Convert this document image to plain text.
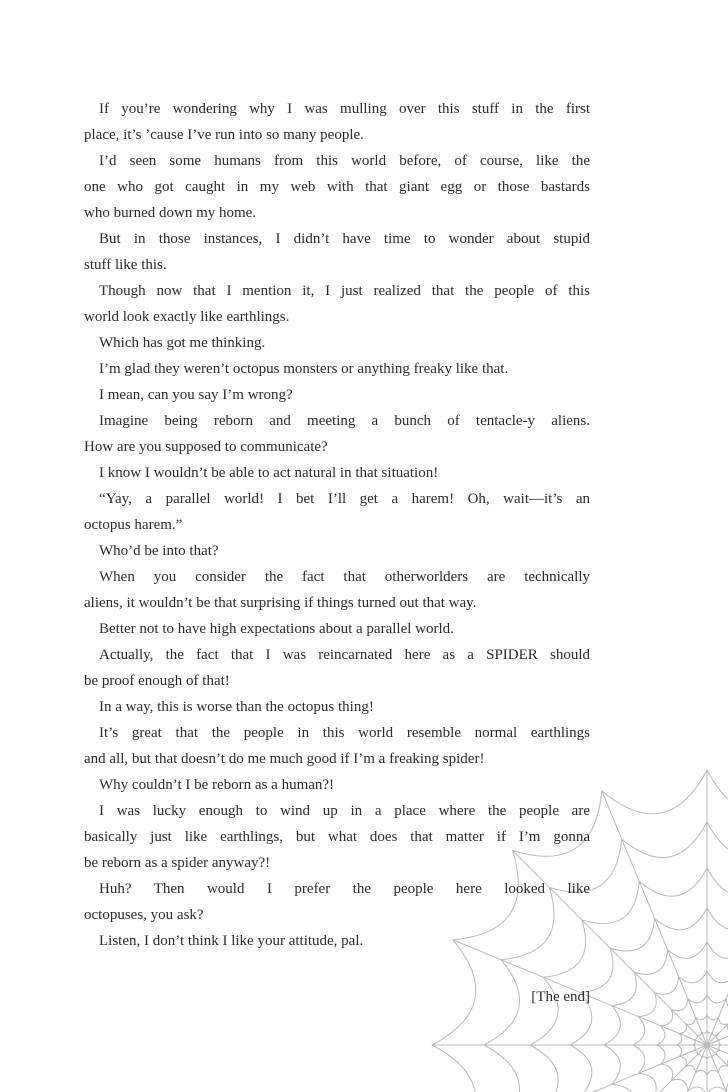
If you’re wondering why I was mulling over this stuff in the first
place, it’s ’cause I’ve run into so many people.
I’d seen some humans from this world before, of course, like the
one who got caught in my web with that giant egg or those bastards
who burned down my home.
But in those instances, I didn’t have time to wonder about stupid
stuff like this.
Though now that I mention it, I just realized that the people of this
world look exactly like earthlings.
Which has got me thinking.
I’m glad they weren’t octopus monsters or anything freaky like that.
I mean, can you say I’m wrong?
Imagine being reborn and meeting a bunch of tentacle-y aliens.
How are you supposed to communicate?
I know I wouldn’t be able to act natural in that situation!
“Yay, a parallel world! I bet I’ll get a harem! Oh, wait—it’s an
octopus harem.”
Who’d be into that?
When you consider the fact that otherworlders are technically
aliens, it wouldn’t be that surprising if things turned out that way.
Better not to have high expectations about a parallel world.
Actually, the fact that I was reincarnated here as a SPIDER should
be proof enough of that!
In a way, this is worse than the octopus thing!
It’s great that the people in this world resemble normal earthlings
and all, but that doesn’t do me much good if I’m a freaking spider!
Why couldn’t I be reborn as a human?!
I was lucky enough to wind up in a place where the people are
basically just like earthlings, but what does that matter if I’m gonna
be reborn as a spider anyway?!
Huh? Then would I prefer the people here looked like
octopuses, you ask?
Listen, I don’t think I like your attitude, pal.
[The end]
